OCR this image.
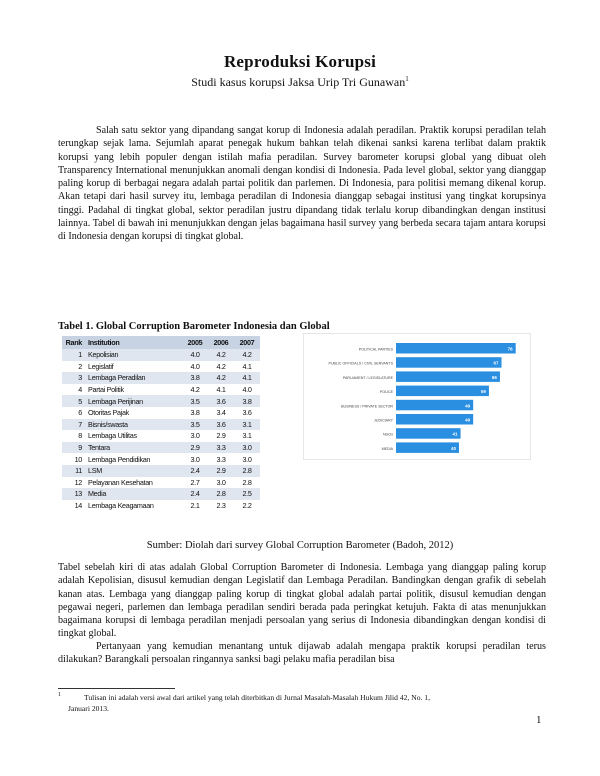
Reproduksi Korupsi
Studi kasus korupsi Jaksa Urip Tri Gunawan$^1$

Salah satu sektor yang dipandang sangat korup di Indonesia adalah peradilan. Praktik korupsi peradilan telah terungkap sejak lama. Sejumlah aparat penegak hukum bahkan telah dikenai sanksi karena terlibat dalam praktik korupsi yang lebih populer dengan istilah mafia peradilan. Survey barometer korupsi global yang dibuat oleh Transparency International menunjukkan anomali dengan kondisi di Indonesia. Pada level global, sektor yang dianggap paling korup di berbagai negara adalah partai politik dan parlemen. Di Indonesia, para politisi memang dikenal korup. Akan tetapi dari hasil survey itu, lembaga peradilan di Indonesia dianggap sebagai institusi yang tingkat korupsinya tinggi. Padahal di tingkat global, sektor peradilan justru dipandang tidak terlalu korup dibandingkan dengan institusi lainnya. Tabel di bawah ini menunjukkan dengan jelas bagaimana hasil survey yang berbeda secara tajam antara korupsi di Indonesia dengan korupsi di tingkat global.

Tabel 1. Global Corruption Barometer Indonesia dan Global
Rank	Institution	2005	2006	2007
1	Kepolisian	4.0	4.2	4.2
2	Legislatif	4.0	4.2	4.1
3	Lembaga Peradilan	3.8	4.2	4.1
4	Partai Politik	4.2	4.1	4.0
5	Lembaga Perijinan	3.5	3.6	3.8
6	Otoritas Pajak	3.8	3.4	3.6
7	Bisnis/swasta	3.5	3.6	3.1
8	Lembaga Utilitas	3.0	2.9	3.1
9	Tentara	2.9	3.3	3.0
10	Lembaga Pendidikan	3.0	3.3	3.0
11	LSM	2.4	2.9	2.8
12	Pelayanan Kesehatan	2.7	3.0	2.8
13	Media	2.4	2.8	2.5
14	Lembaga Keagamaan	2.1	2.3	2.2
POLITICAL PARTIES	76
PUBLIC OFFICIALS / CIVIL SERVANTS	67
PARLIAMENT / LEGISLATURE	66
POLICE	59
BUSINESS / PRIVATE SECTOR	49
JUDICIARY	49
NGOs	41
MEDIA	40
Sumber: Diolah dari survey Global Corruption Barometer (Badoh, 2012)

Tabel sebelah kiri di atas adalah Global Corruption Barometer di Indonesia. Lembaga yang dianggap paling korup adalah Kepolisian, disusul kemudian dengan Legislatif dan Lembaga Peradilan. Bandingkan dengan grafik di sebelah kanan atas. Lembaga yang dianggap paling korup di tingkat global adalah partai politik, disusul kemudian dengan pegawai negeri, parlemen dan lembaga peradilan sendiri berada pada peringkat ketujuh. Fakta di atas menunjukkan bagaimana korupsi di lembaga peradilan menjadi persoalan yang serius di Indonesia dibandingkan dengan kondisi di tingkat global.

Pertanyaan yang kemudian menantang untuk dijawab adalah mengapa praktik korupsi peradilan terus dilakukan? Barangkali persoalan ringannya sanksi bagi pelaku mafia peradilan bisa

1	Tulisan ini adalah versi awal dari artikel yang telah diterbitkan di Jurnal Masalah-Masalah Hukum Jilid 42, No. 1,
Januari 2013.
1
